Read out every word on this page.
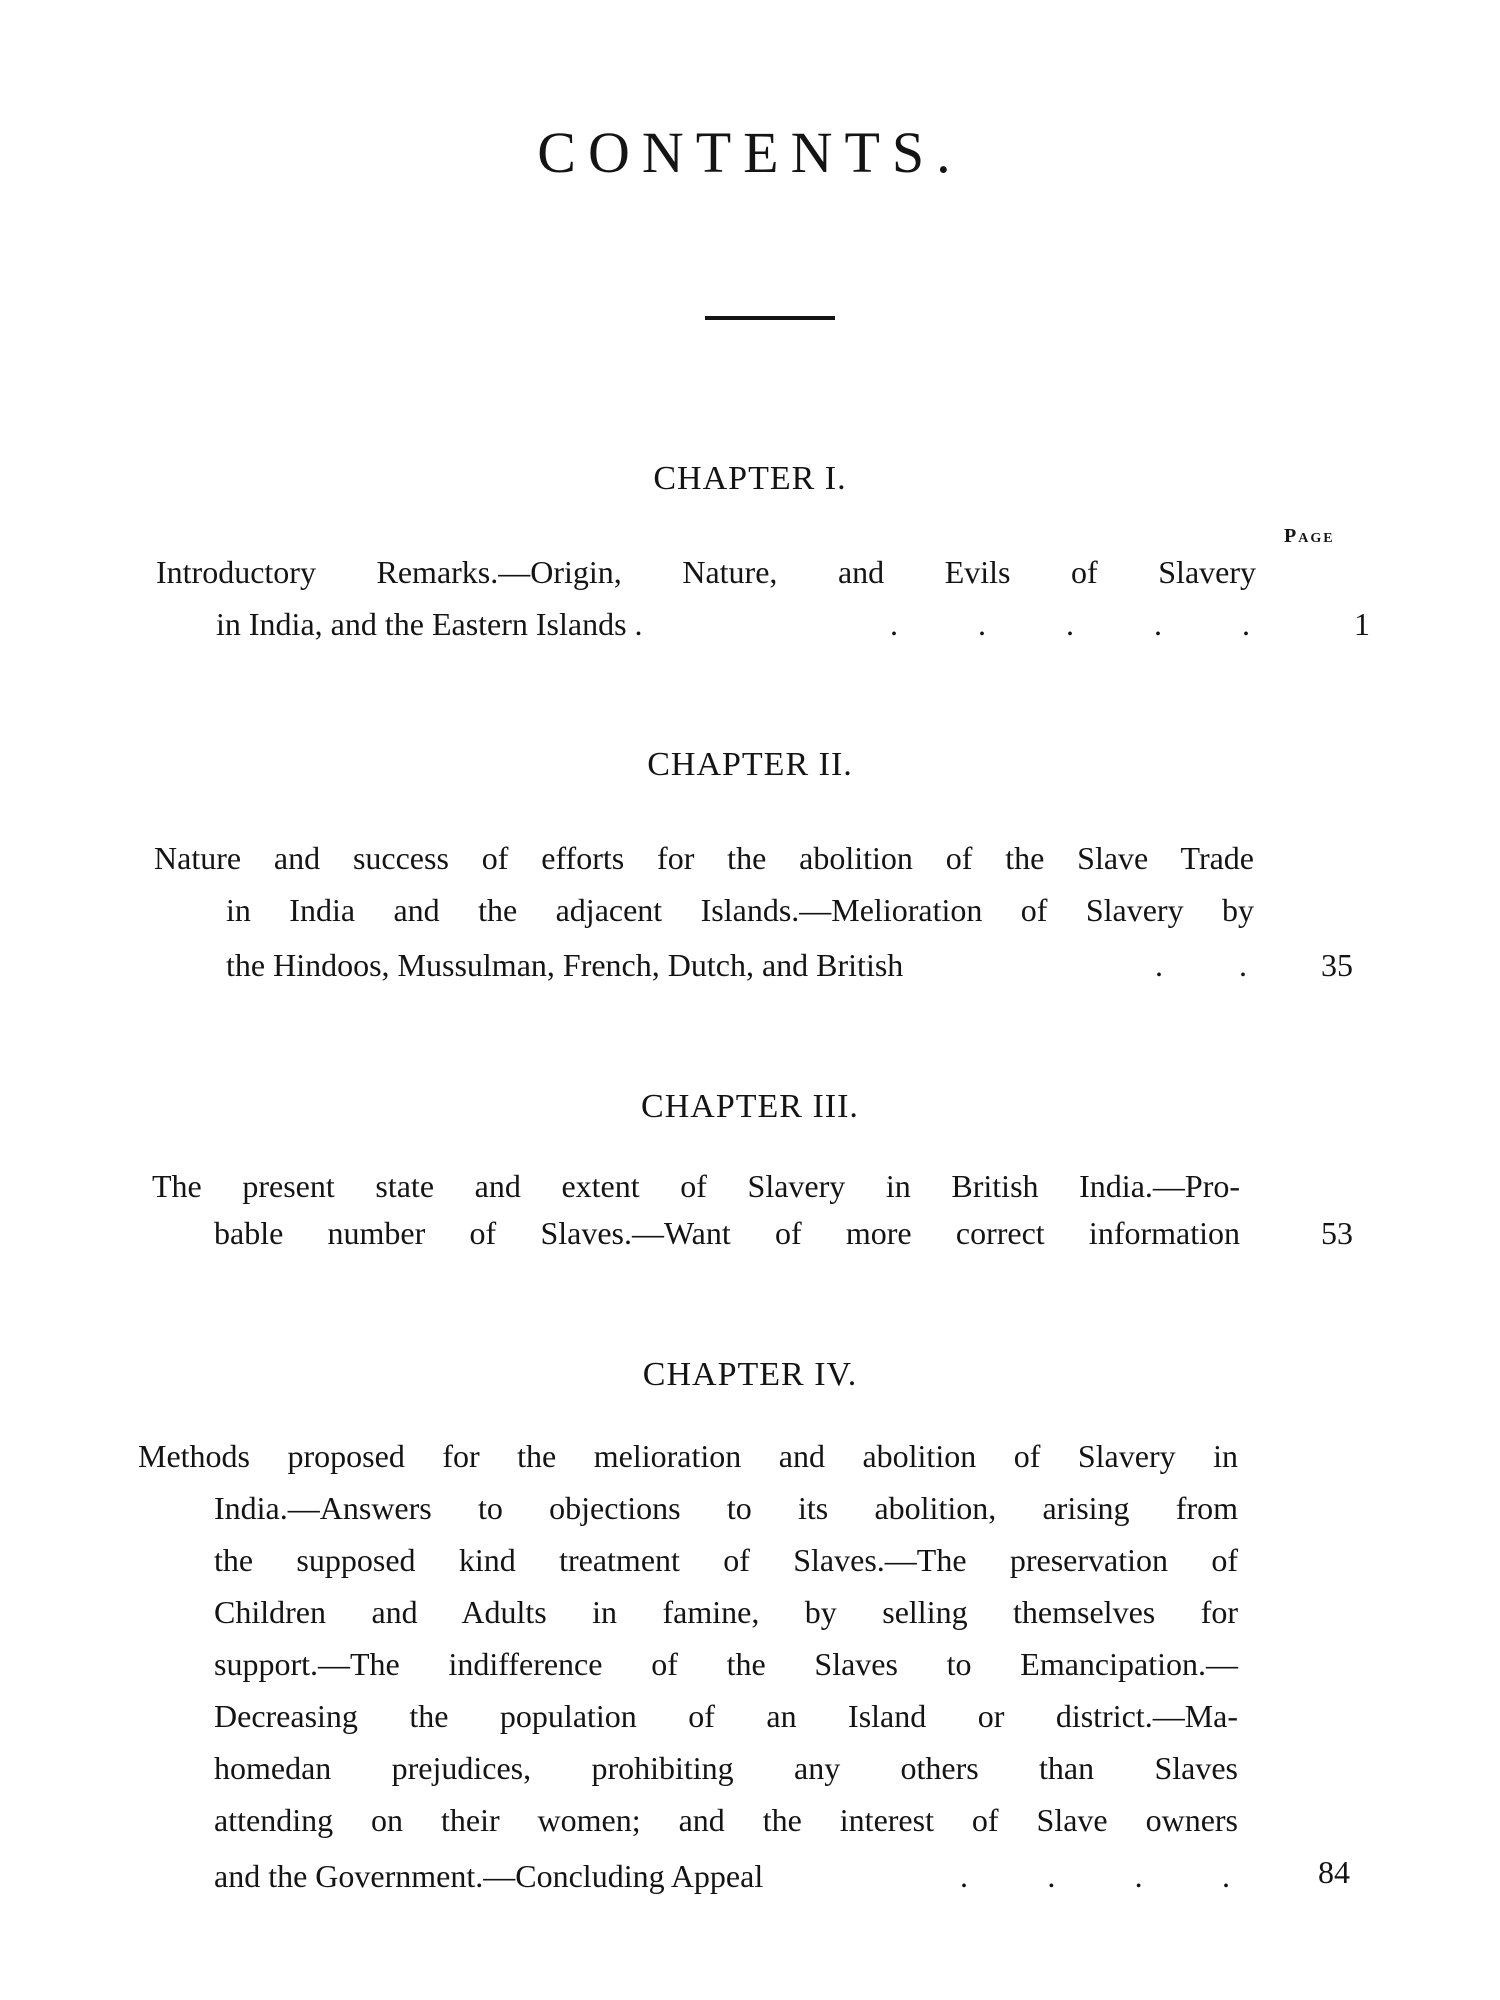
CONTENTS.
CHAPTER I.
Page
Introductory Remarks.—Origin, Nature, and Evils of Slavery
in India, and the Eastern Islands .	.	.	.	.	.	1
CHAPTER II.
Nature and success of efforts for the abolition of the Slave Trade
in India and the adjacent Islands.—Melioration of Slavery by
the Hindoos, Mussulman, French, Dutch, and British	. .	35
CHAPTER III.
The present state and extent of Slavery in British India.—Pro-
bable number of Slaves.—Want of more correct information	53
CHAPTER IV.
Methods proposed for the melioration and abolition of Slavery in
India.—Answers to objections to its abolition, arising from
the supposed kind treatment of Slaves.—The preservation of
Children and Adults in famine, by selling themselves for
support.—The indifference of the Slaves to Emancipation.—
Decreasing the population of an Island or district.—Ma-
homedan prejudices, prohibiting any others than Slaves
attending on their women; and the interest of Slave owners
and the Government.—Concluding Appeal	. . . .	84
